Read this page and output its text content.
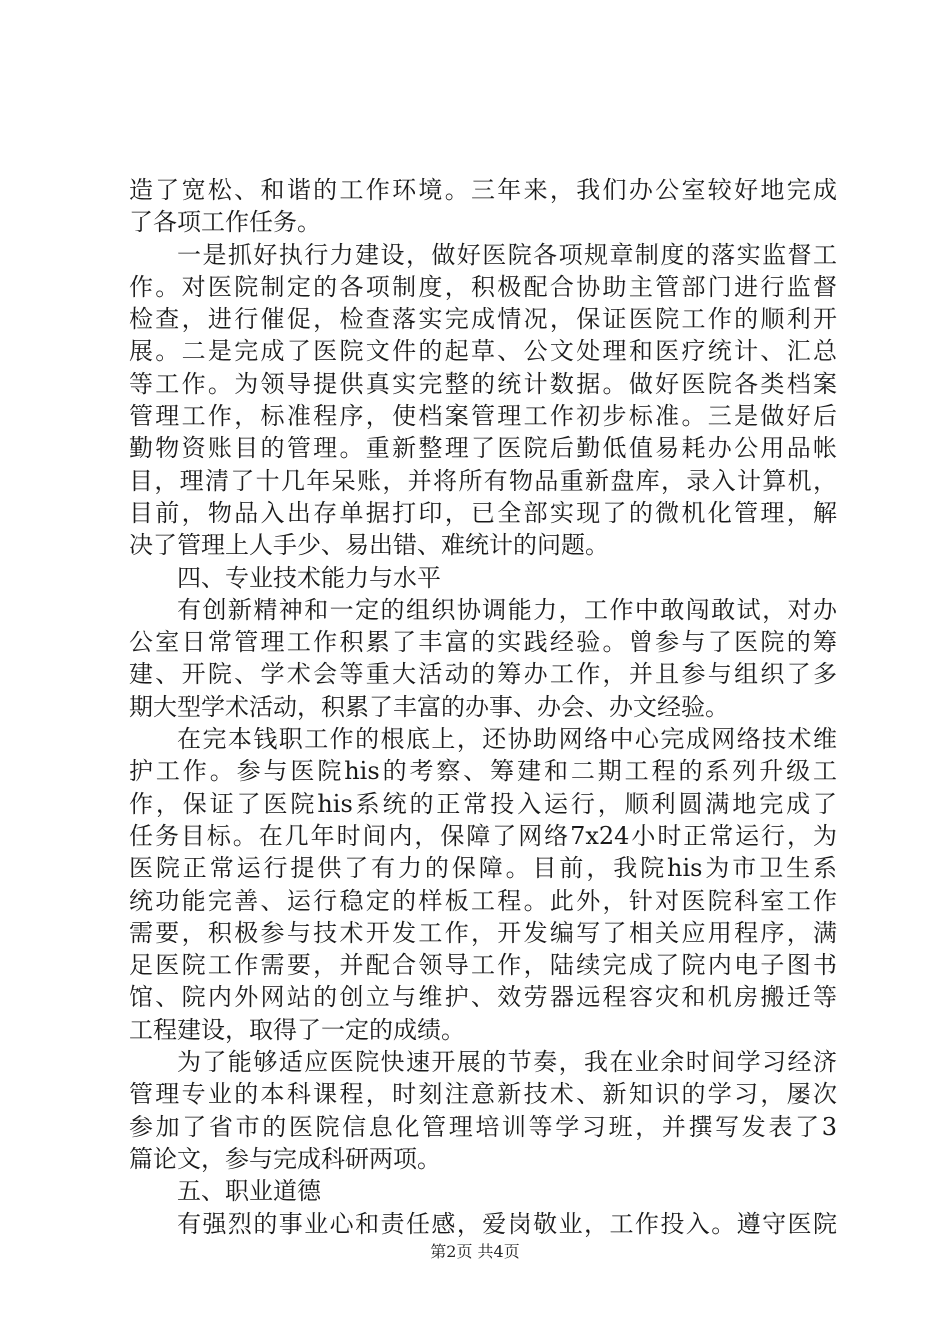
造了宽松、和谐的工作环境。三年来，我们办公室较好地完成
了各项工作任务。
一是抓好执行力建设，做好医院各项规章制度的落实监督工
作。对医院制定的各项制度，积极配合协助主管部门进行监督
检查，进行催促，检查落实完成情况，保证医院工作的顺利开
展。二是完成了医院文件的起草、公文处理和医疗统计、汇总
等工作。为领导提供真实完整的统计数据。做好医院各类档案
管理工作，标准程序，使档案管理工作初步标准。三是做好后
勤物资账目的管理。重新整理了医院后勤低值易耗办公用品帐
目，理清了十几年呆账，并将所有物品重新盘库，录入计算机，
目前，物品入出存单据打印，已全部实现了的微机化管理，解
决了管理上人手少、易出错、难统计的问题。
四、专业技术能力与水平
有创新精神和一定的组织协调能力，工作中敢闯敢试，对办
公室日常管理工作积累了丰富的实践经验。曾参与了医院的筹
建、开院、学术会等重大活动的筹办工作，并且参与组织了多
期大型学术活动，积累了丰富的办事、办会、办文经验。
在完本钱职工作的根底上，还协助网络中心完成网络技术维
护工作。参与医院his的考察、筹建和二期工程的系列升级工
作，保证了医院his系统的正常投入运行，顺利圆满地完成了
任务目标。在几年时间内，保障了网络7x24小时正常运行，为
医院正常运行提供了有力的保障。目前，我院his为市卫生系
统功能完善、运行稳定的样板工程。此外，针对医院科室工作
需要，积极参与技术开发工作，开发编写了相关应用程序，满
足医院工作需要，并配合领导工作，陆续完成了院内电子图书
馆、院内外网站的创立与维护、效劳器远程容灾和机房搬迁等
工程建设，取得了一定的成绩。
为了能够适应医院快速开展的节奏，我在业余时间学习经济
管理专业的本科课程，时刻注意新技术、新知识的学习，屡次
参加了省市的医院信息化管理培训等学习班，并撰写发表了3
篇论文，参与完成科研两项。
五、职业道德
有强烈的事业心和责任感，爱岗敬业，工作投入。遵守医院
第2页 共4页
